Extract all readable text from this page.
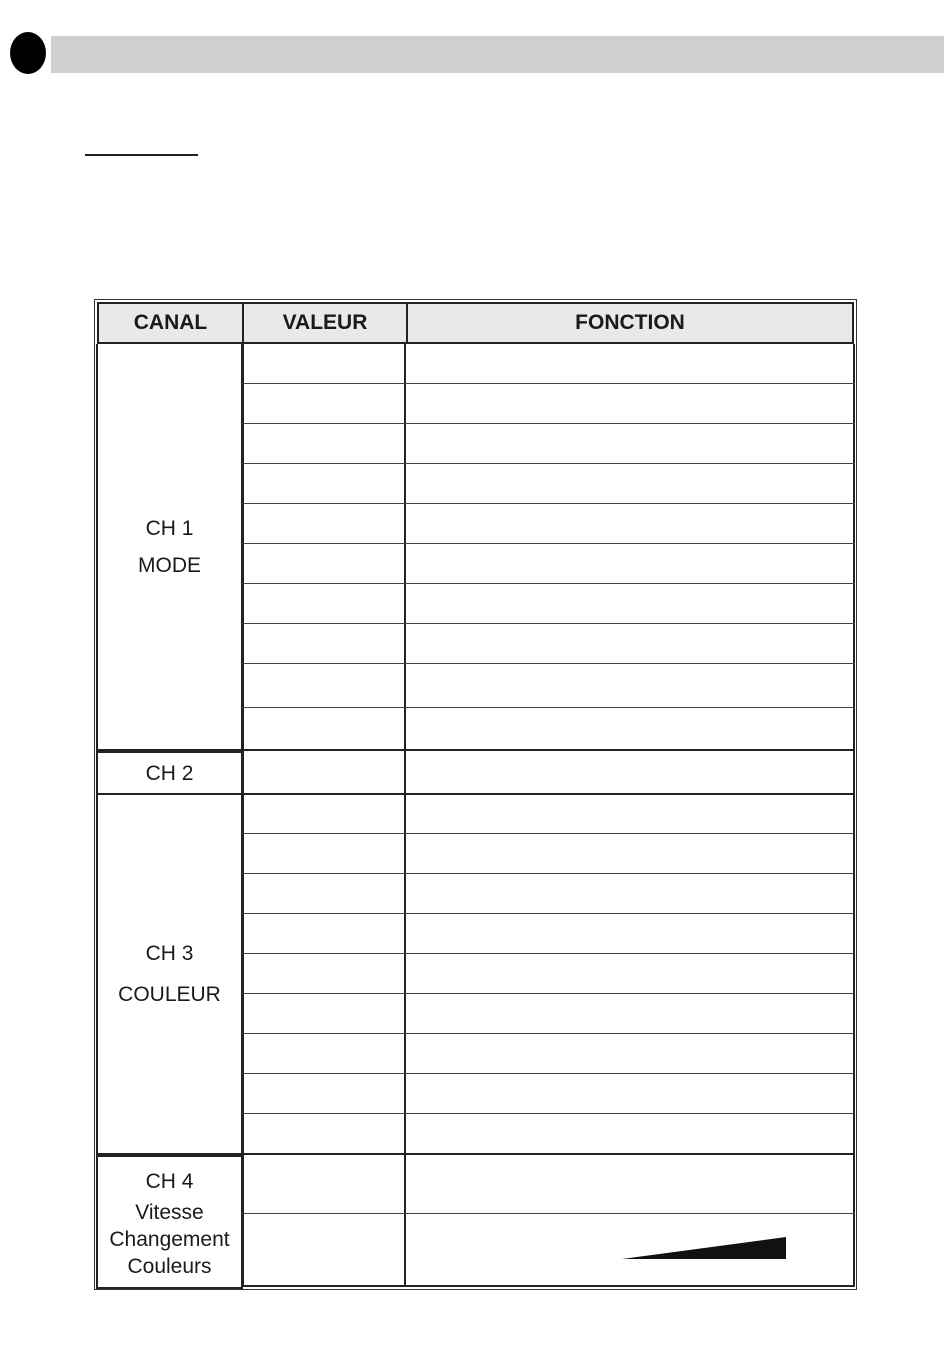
CANAL	VALEUR	FONCTION
CH 1
MODE
CH 2
CH 3
COULEUR
CH 4
Vitesse
Changement
Couleurs
